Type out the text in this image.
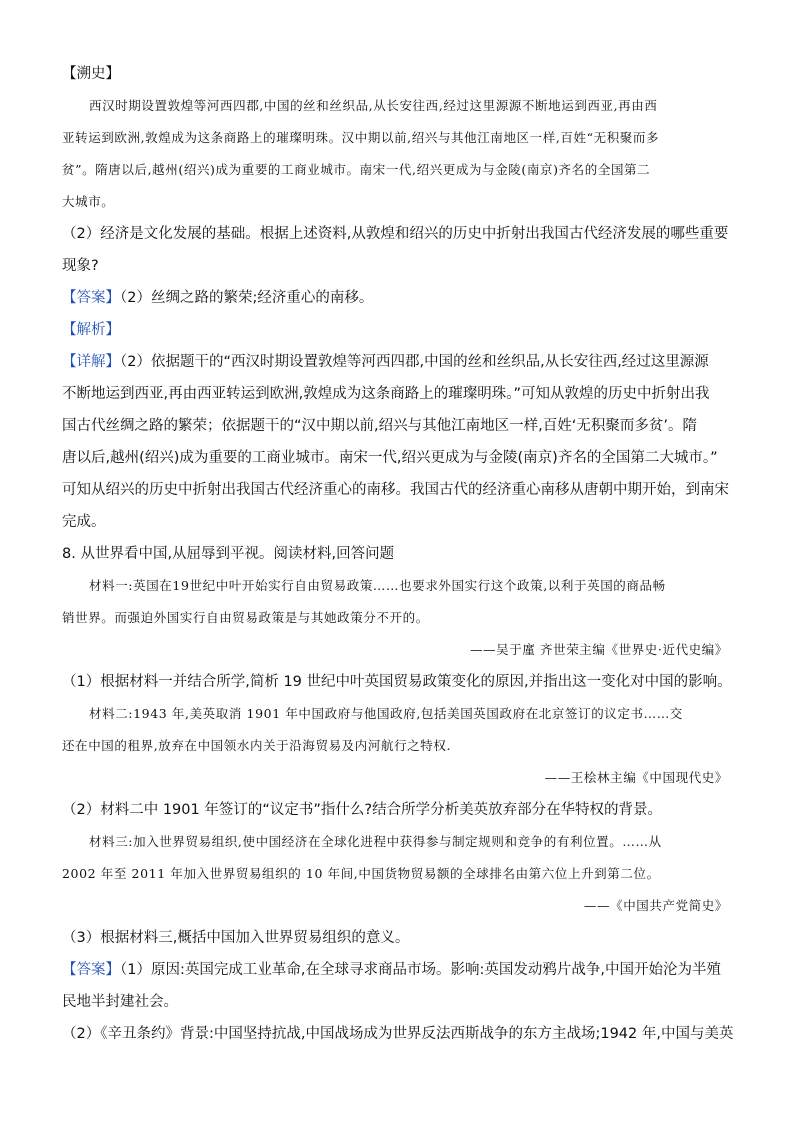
【溯史】
西汉时期设置敦煌等河西四郡,中国的丝和丝织品,从长安往西,经过这里源源不断地运到西亚,再由西
亚转运到欧洲,敦煌成为这条商路上的璀璨明珠。汉中期以前,绍兴与其他江南地区一样,百姓“无积聚而多
贫”。隋唐以后,越州(绍兴)成为重要的工商业城市。南宋一代,绍兴更成为与金陵(南京)齐名的全国第二
大城市。
（2）经济是文化发展的基础。根据上述资料,从敦煌和绍兴的历史中折射出我国古代经济发展的哪些重要
现象?
【答案】（2）丝绸之路的繁荣;经济重心的南移。
【解析】
【详解】（2）依据题干的“西汉时期设置敦煌等河西四郡,中国的丝和丝织品,从长安往西,经过这里源源
不断地运到西亚,再由西亚转运到欧洲,敦煌成为这条商路上的璀璨明珠。”可知从敦煌的历史中折射出我
国古代丝绸之路的繁荣；依据题干的“汉中期以前,绍兴与其他江南地区一样,百姓‘无积聚而多贫’。隋
唐以后,越州(绍兴)成为重要的工商业城市。南宋一代,绍兴更成为与金陵(南京)齐名的全国第二大城市。”
可知从绍兴的历史中折射出我国古代经济重心的南移。我国古代的经济重心南移从唐朝中期开始，到南宋
完成。
8. 从世界看中国,从屈辱到平视。阅读材料,回答问题
材料一:英国在19世纪中叶开始实行自由贸易政策……也要求外国实行这个政策,以利于英国的商品畅
销世界。而强迫外国实行自由贸易政策是与其她政策分不开的。
——吴于廑 齐世荣主编《世界史·近代史编》
（1）根据材料一并结合所学,简析 19 世纪中叶英国贸易政策变化的原因,并指出这一变化对中国的影响。
材料二:1943 年,美英取消 1901 年中国政府与他国政府,包括美国英国政府在北京签订的议定书……交
还在中国的租界,放弃在中国领水内关于沿海贸易及内河航行之特权.
——王桧林主编《中国现代史》
（2）材料二中 1901 年签订的“议定书”指什么?结合所学分析美英放弃部分在华特权的背景。
材料三:加入世界贸易组织,使中国经济在全球化进程中获得参与制定规则和竞争的有利位置。……从
2002 年至 2011 年加入世界贸易组织的 10 年间,中国货物贸易额的全球排名由第六位上升到第二位。
——《中国共产党简史》
（3）根据材料三,概括中国加入世界贸易组织的意义。
【答案】（1）原因:英国完成工业革命,在全球寻求商品市场。影响:英国发动鸦片战争,中国开始沦为半殖
民地半封建社会。
（2）《辛丑条约》背景:中国坚持抗战,中国战场成为世界反法西斯战争的东方主战场;1942 年,中国与美英
